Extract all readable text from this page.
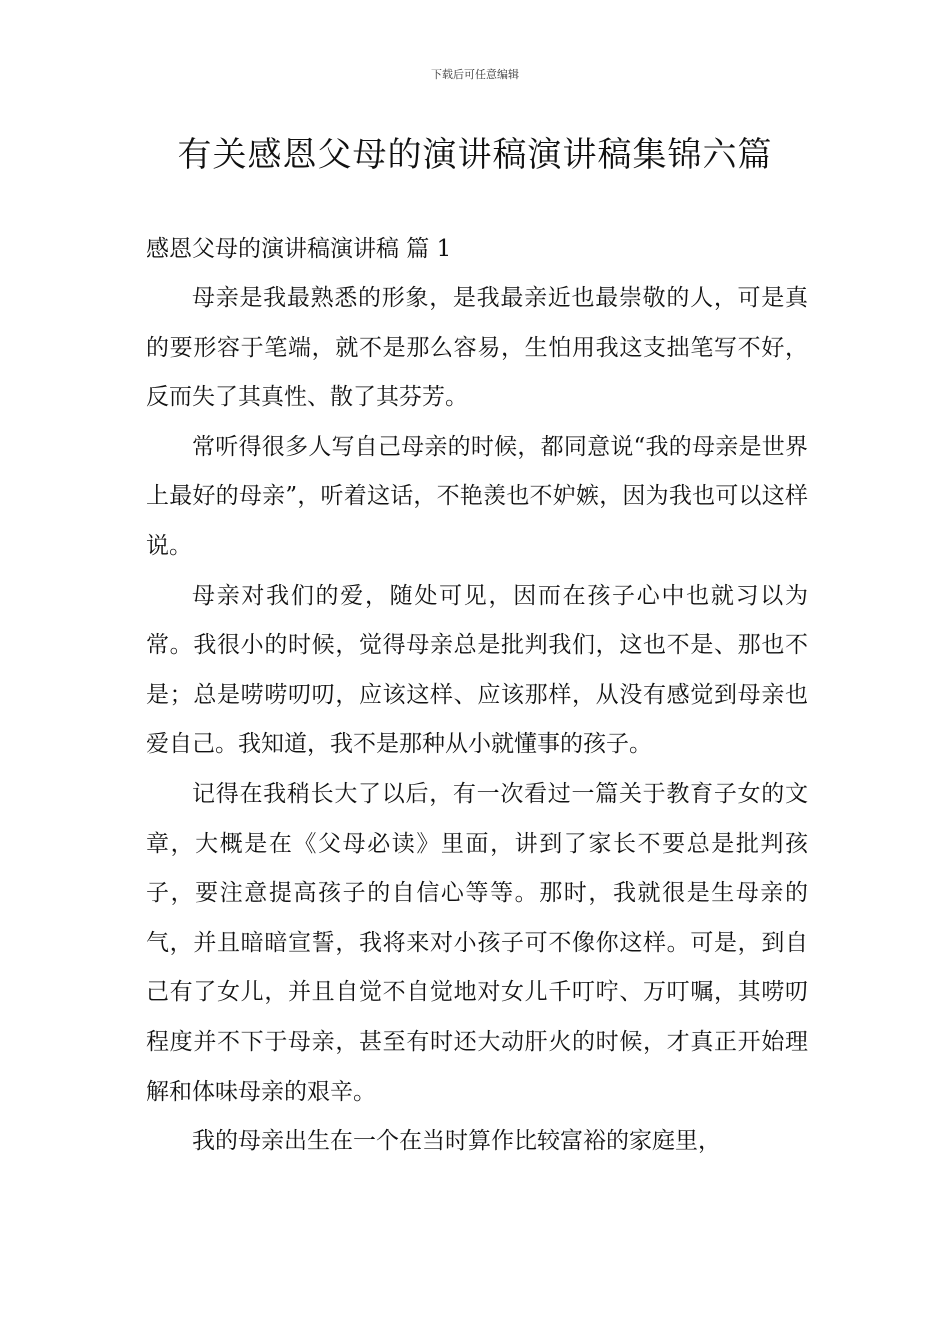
下载后可任意编辑
有关感恩父母的演讲稿演讲稿集锦六篇

感恩父母的演讲稿演讲稿 篇 1

母亲是我最熟悉的形象，是我最亲近也最崇敬的人，可是真的要形容于笔端，就不是那么容易，生怕用我这支拙笔写不好，反而失了其真性、散了其芬芳。

常听得很多人写自己母亲的时候，都同意说“我的母亲是世界上最好的母亲”，听着这话，不艳羡也不妒嫉，因为我也可以这样说。

母亲对我们的爱，随处可见，因而在孩子心中也就习以为常。我很小的时候，觉得母亲总是批判我们，这也不是、那也不是；总是唠唠叨叨，应该这样、应该那样，从没有感觉到母亲也爱自己。我知道，我不是那种从小就懂事的孩子。

记得在我稍长大了以后，有一次看过一篇关于教育子女的文章，大概是在《父母必读》里面，讲到了家长不要总是批判孩子，要注意提高孩子的自信心等等。那时，我就很是生母亲的气，并且暗暗宣誓，我将来对小孩子可不像你这样。可是，到自己有了女儿，并且自觉不自觉地对女儿千叮咛、万叮嘱，其唠叨程度并不下于母亲，甚至有时还大动肝火的时候，才真正开始理解和体味母亲的艰辛。

我的母亲出生在一个在当时算作比较富裕的家庭里，
